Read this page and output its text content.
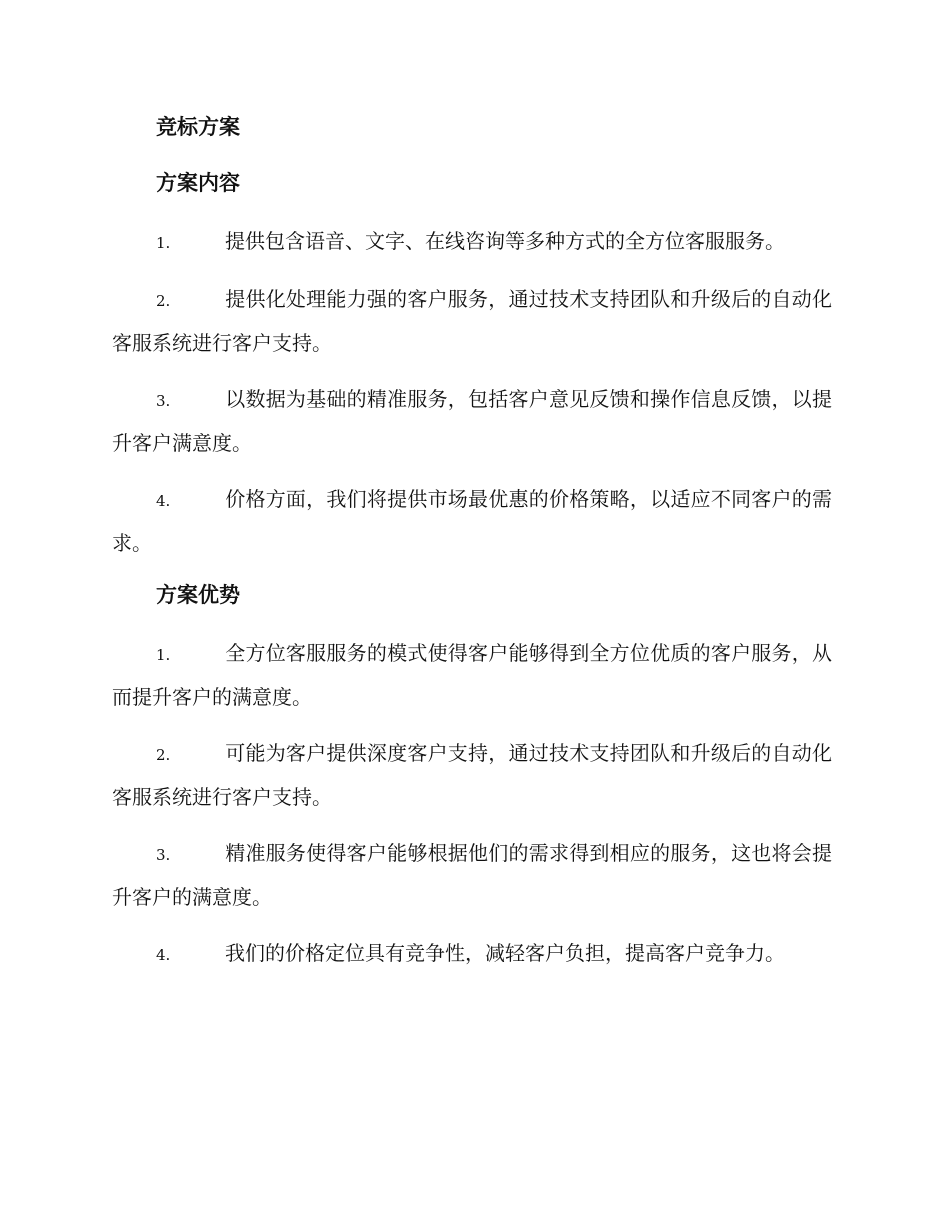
竞标方案
方案内容
1.	提供包含语音、文字、在线咨询等多种方式的全方位客服服务。
2.	提供化处理能力强的客户服务，通过技术支持团队和升级后的自动化客服系统进行客户支持。
3.	以数据为基础的精准服务，包括客户意见反馈和操作信息反馈，以提升客户满意度。
4.	价格方面，我们将提供市场最优惠的价格策略，以适应不同客户的需求。
方案优势
1.	全方位客服服务的模式使得客户能够得到全方位优质的客户服务，从而提升客户的满意度。
2.	可能为客户提供深度客户支持，通过技术支持团队和升级后的自动化客服系统进行客户支持。
3.	精准服务使得客户能够根据他们的需求得到相应的服务，这也将会提升客户的满意度。
4.	我们的价格定位具有竞争性，减轻客户负担，提高客户竞争力。
